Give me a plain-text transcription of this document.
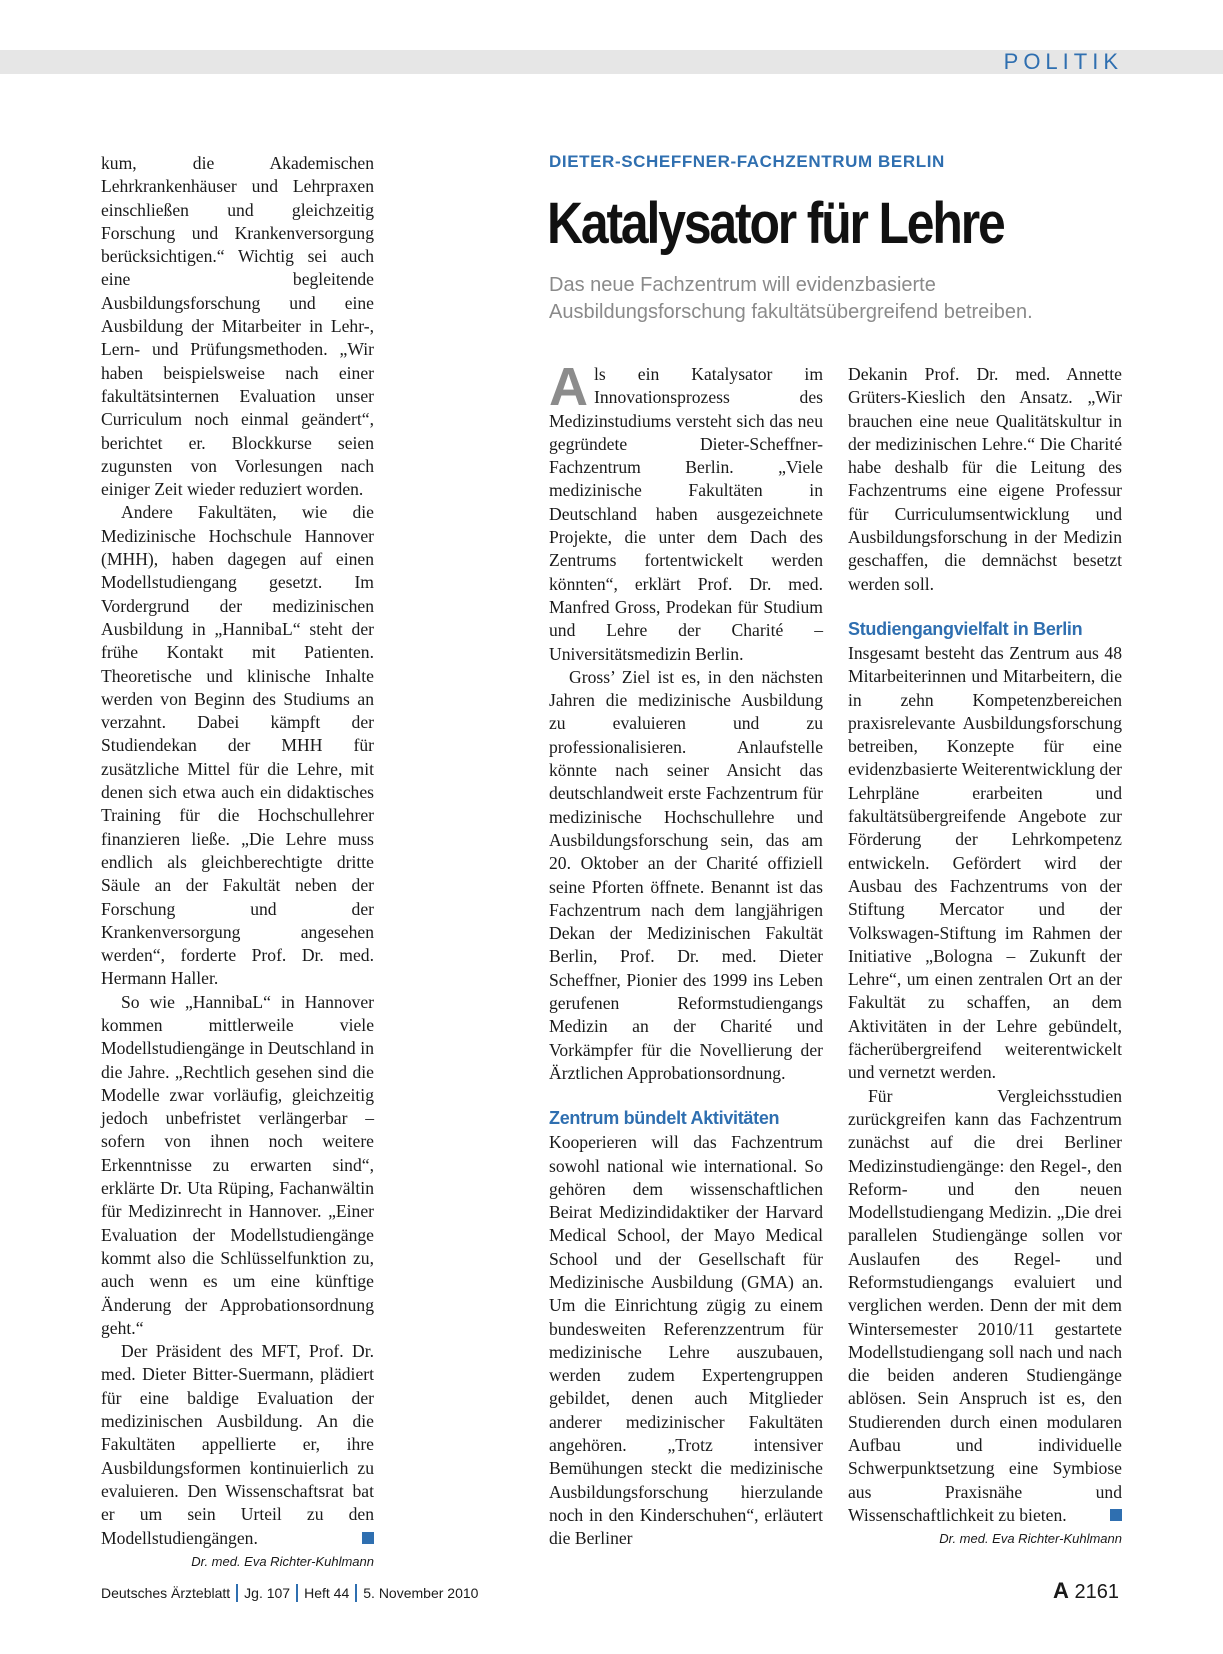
POLITIK

kum, die Akademischen Lehrkrankenhäuser und Lehrpraxen einschließen und gleichzeitig Forschung und Krankenversorgung berücksichtigen.“ Wichtig sei auch eine begleitende Ausbildungsforschung und eine Ausbildung der Mitarbeiter in Lehr-, Lern- und Prüfungsmethoden. „Wir haben beispielsweise nach einer fakultätsinternen Evaluation unser Curriculum noch einmal geändert“, berichtet er. Blockkurse seien zugunsten von Vorlesungen nach einiger Zeit wieder reduziert worden.

Andere Fakultäten, wie die Medizinische Hochschule Hannover (MHH), haben dagegen auf einen Modellstudiengang gesetzt. Im Vordergrund der medizinischen Ausbildung in „HannibaL“ steht der frühe Kontakt mit Patienten. Theoretische und klinische Inhalte werden von Beginn des Studiums an verzahnt. Dabei kämpft der Studiendekan der MHH für zusätzliche Mittel für die Lehre, mit denen sich etwa auch ein didaktisches Training für die Hochschullehrer finanzieren ließe. „Die Lehre muss endlich als gleichberechtigte dritte Säule an der Fakultät neben der Forschung und der Krankenversorgung angesehen werden“, forderte Prof. Dr. med. Hermann Haller.

So wie „HannibaL“ in Hannover kommen mittlerweile viele Modellstudiengänge in Deutschland in die Jahre. „Rechtlich gesehen sind die Modelle zwar vorläufig, gleichzeitig jedoch unbefristet verlängerbar – sofern von ihnen noch weitere Erkenntnisse zu erwarten sind“, erklärte Dr. Uta Rüping, Fachanwältin für Medizinrecht in Hannover. „Einer Evaluation der Modellstudiengänge kommt also die Schlüsselfunktion zu, auch wenn es um eine künftige Änderung der Approbationsordnung geht.“

Der Präsident des MFT, Prof. Dr. med. Dieter Bitter-Suermann, plädiert für eine baldige Evaluation der medizinischen Ausbildung. An die Fakultäten appellierte er, ihre Ausbildungsformen kontinuierlich zu evaluieren. Den Wissenschaftsrat bat er um sein Urteil zu den Modellstudiengängen.

Dr. med. Eva Richter-Kuhlmann
DIETER-SCHEFFNER-FACHZENTRUM BERLIN
Katalysator für Lehre
Das neue Fachzentrum will evidenzbasierte Ausbildungsforschung fakultätsübergreifend betreiben.

Als ein Katalysator im Innovationsprozess des Medizinstudiums versteht sich das neu gegründete Dieter-Scheffner-Fachzentrum Berlin. „Viele medizinische Fakultäten in Deutschland haben ausgezeichnete Projekte, die unter dem Dach des Zentrums fortentwickelt werden könnten“, erklärt Prof. Dr. med. Manfred Gross, Prodekan für Studium und Lehre der Charité – Universitätsmedizin Berlin.

Gross’ Ziel ist es, in den nächsten Jahren die medizinische Ausbildung zu evaluieren und zu professionalisieren. Anlaufstelle könnte nach seiner Ansicht das deutschlandweit erste Fachzentrum für medizinische Hochschullehre und Ausbildungsforschung sein, das am 20. Oktober an der Charité offiziell seine Pforten öffnete. Benannt ist das Fachzentrum nach dem langjährigen Dekan der Medizinischen Fakultät Berlin, Prof. Dr. med. Dieter Scheffner, Pionier des 1999 ins Leben gerufenen Reformstudiengangs Medizin an der Charité und Vorkämpfer für die Novellierung der Ärztlichen Approbationsordnung.

Zentrum bündelt Aktivitäten

Kooperieren will das Fachzentrum sowohl national wie international. So gehören dem wissenschaftlichen Beirat Medizindidaktiker der Harvard Medical School, der Mayo Medical School und der Gesellschaft für Medizinische Ausbildung (GMA) an. Um die Einrichtung zügig zu einem bundesweiten Referenzzentrum für medizinische Lehre auszubauen, werden zudem Expertengruppen gebildet, denen auch Mitglieder anderer medizinischer Fakultäten angehören. „Trotz intensiver Bemühungen steckt die medizinische Ausbildungsforschung hierzulande noch in den Kinderschuhen“, erläutert die Berliner

Dekanin Prof. Dr. med. Annette Grüters-Kieslich den Ansatz. „Wir brauchen eine neue Qualitätskultur in der medizinischen Lehre.“ Die Charité habe deshalb für die Leitung des Fachzentrums eine eigene Professur für Curriculumsentwicklung und Ausbildungsforschung in der Medizin geschaffen, die demnächst besetzt werden soll.

Studiengangvielfalt in Berlin

Insgesamt besteht das Zentrum aus 48 Mitarbeiterinnen und Mitarbeitern, die in zehn Kompetenzbereichen praxisrelevante Ausbildungsforschung betreiben, Konzepte für eine evidenzbasierte Weiterentwicklung der Lehrpläne erarbeiten und fakultätsübergreifende Angebote zur Förderung der Lehrkompetenz entwickeln. Gefördert wird der Ausbau des Fachzentrums von der Stiftung Mercator und der Volkswagen-Stiftung im Rahmen der Initiative „Bologna – Zukunft der Lehre“, um einen zentralen Ort an der Fakultät zu schaffen, an dem Aktivitäten in der Lehre gebündelt, fächerübergreifend weiterentwickelt und vernetzt werden.

Für Vergleichsstudien zurückgreifen kann das Fachzentrum zunächst auf die drei Berliner Medizinstudiengänge: den Regel-, den Reform- und den neuen Modellstudiengang Medizin. „Die drei parallelen Studiengänge sollen vor Auslaufen des Regel- und Reformstudiengangs evaluiert und verglichen werden. Denn der mit dem Wintersemester 2010/11 gestartete Modellstudiengang soll nach und nach die beiden anderen Studiengänge ablösen. Sein Anspruch ist es, den Studierenden durch einen modularen Aufbau und individuelle Schwerpunktsetzung eine Symbiose aus Praxisnähe und Wissenschaftlichkeit zu bieten.

Dr. med. Eva Richter-Kuhlmann
Deutsches Ärzteblatt Jg. 107 Heft 44 5. November 2010	A 2161
